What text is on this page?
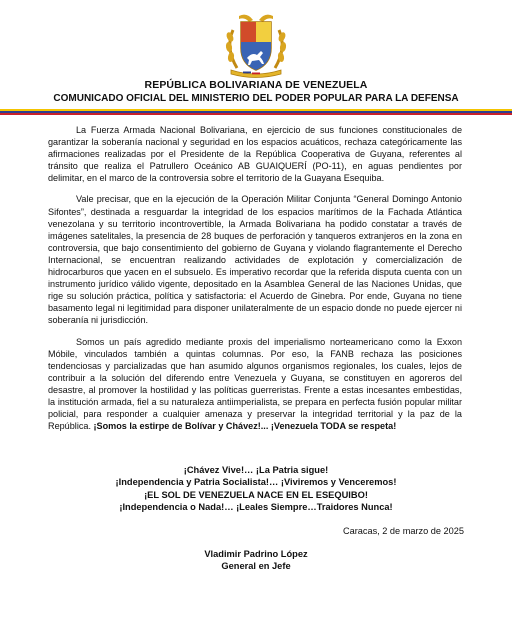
REPÚBLICA BOLIVARIANA DE VENEZUELA
COMUNICADO OFICIAL DEL MINISTERIO DEL PODER POPULAR PARA LA DEFENSA

La Fuerza Armada Nacional Bolivariana, en ejercicio de sus funciones constitucionales de garantizar la soberanía nacional y seguridad en los espacios acuáticos, rechaza categóricamente las afirmaciones realizadas por el Presidente de la República Cooperativa de Guyana, referentes al tránsito que realiza el Patrullero Oceánico AB GUAIQUERÍ (PO-11), en aguas pendientes por delimitar, en el marco de la controversia sobre el territorio de la Guayana Esequiba.

Vale precisar, que en la ejecución de la Operación Militar Conjunta “General Domingo Antonio Sifontes”, destinada a resguardar la integridad de los espacios marítimos de la Fachada Atlántica venezolana y su territorio incontrovertible, la Armada Bolivariana ha podido constatar a través de imágenes satelitales, la presencia de 28 buques de perforación y tanqueros extranjeros en la zona en controversia, que bajo consentimiento del gobierno de Guyana y violando flagrantemente el Derecho Internacional, se encuentran realizando actividades de explotación y comercialización de hidrocarburos que yacen en el subsuelo. Es imperativo recordar que la referida disputa cuenta con un instrumento jurídico válido vigente, depositado en la Asamblea General de las Naciones Unidas, que rige su solución práctica, política y satisfactoria: el Acuerdo de Ginebra. Por ende, Guyana no tiene basamento legal ni legitimidad para disponer unilateralmente de un espacio donde no puede ejercer ni soberanía ni jurisdicción.

Somos un país agredido mediante proxis del imperialismo norteamericano como la Exxon Móbile, vinculados también a quintas columnas. Por eso, la FANB rechaza las posiciones tendenciosas y parcializadas que han asumido algunos organismos regionales, los cuales, lejos de contribuir a la solución del diferendo entre Venezuela y Guyana, se constituyen en agoreros del desastre, al promover la hostilidad y las políticas guerreristas. Frente a estas incesantes embestidas, la institución armada, fiel a su naturaleza antiimperialista, se prepara en perfecta fusión popular militar policial, para responder a cualquier amenaza y preservar la integridad territorial y la paz de la República. ¡Somos la estirpe de Bolívar y Chávez!... ¡Venezuela TODA se respeta!

¡Chávez Vive!… ¡La Patria sigue!
¡Independencia y Patria Socialista!… ¡Viviremos y Venceremos!
¡EL SOL DE VENEZUELA NACE EN EL ESEQUIBO!
¡Independencia o Nada!… ¡Leales Siempre…Traidores Nunca!
Caracas, 2 de marzo de 2025
Vladimir Padrino López
General en Jefe
